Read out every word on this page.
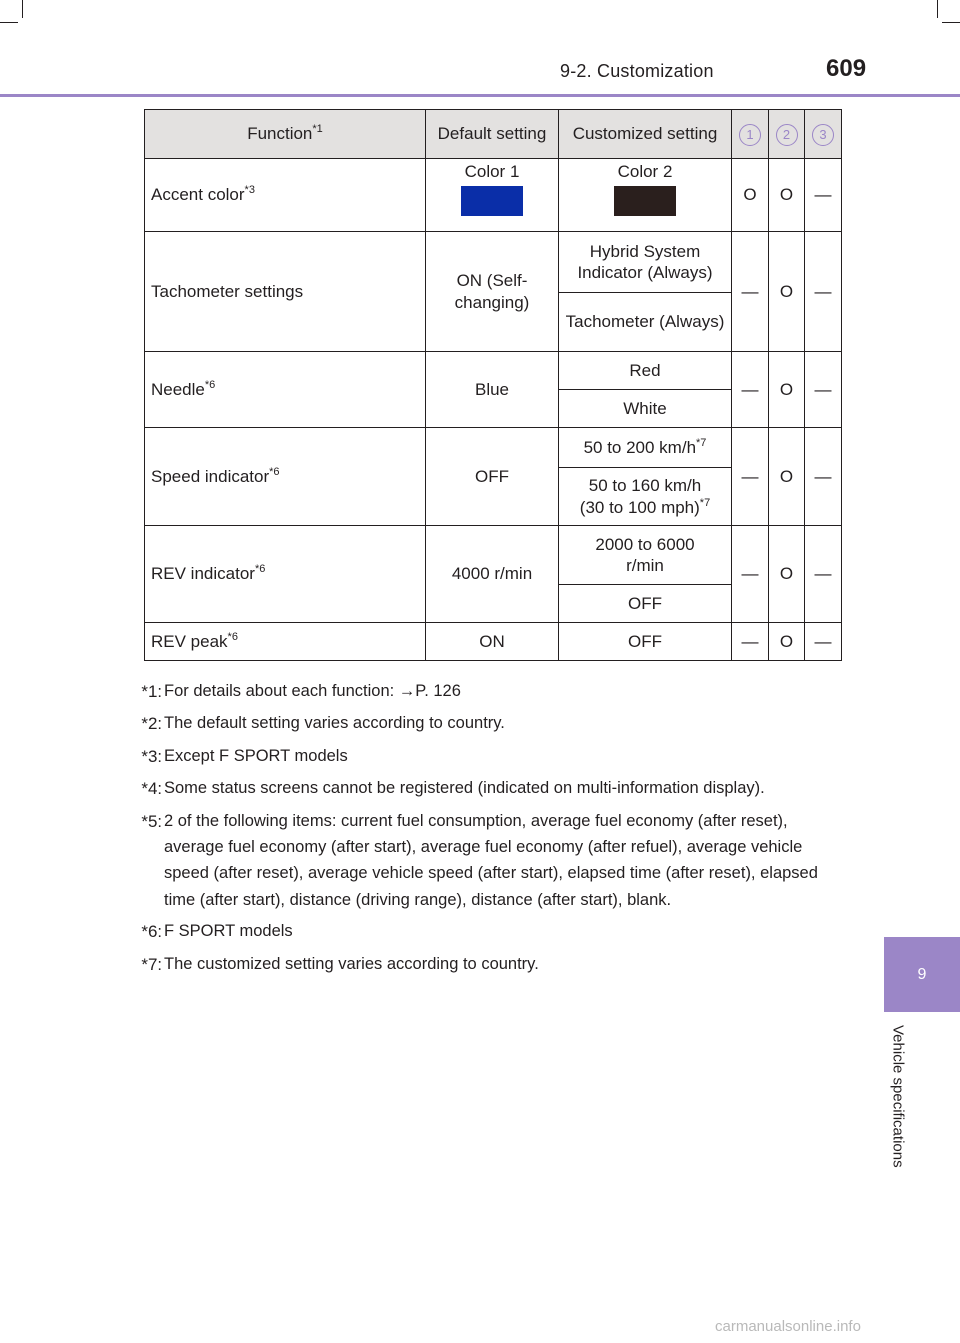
9-2. Customization	609
9
Vehicle specifications
Function$^{*1}$	Default setting	Customized setting	1	2	3
Accent color$^{*3}$	Color 1	Color 2	O	O	—
Tachometer settings	ON (Self-changing)	Hybrid System Indicator (Always)	—	O	—
		Tachometer (Always)			
Needle$^{*6}$	Blue	Red	—	O	—
		White			
Speed indicator$^{*6}$	OFF	50 to 200 $km/h^{*7}$	—	O	—
		50 to 160 km/h
(30 to 100 mph)$^{*7}$
REV indicator$^{*6}$	4000 r/min	2000 to 6000
r/min	—	O	—
		OFF			
REV peak$^{*6}$	ON	OFF	—	O	—
*1: For details about each function: →P. 126
*2: The default setting varies according to country.
*3: Except F SPORT models
*4: Some status screens cannot be registered (indicated on multi-information display).
*5: 2 of the following items: current fuel consumption, average fuel economy (after reset), average fuel economy (after start), average fuel economy (after refuel), average vehicle speed (after reset), average vehicle speed (after start), elapsed time (after reset), elapsed time (after start), distance (driving range), distance (after start), blank.
*6: F SPORT models
*7: The customized setting varies according to country.
carmanualsonline.info
